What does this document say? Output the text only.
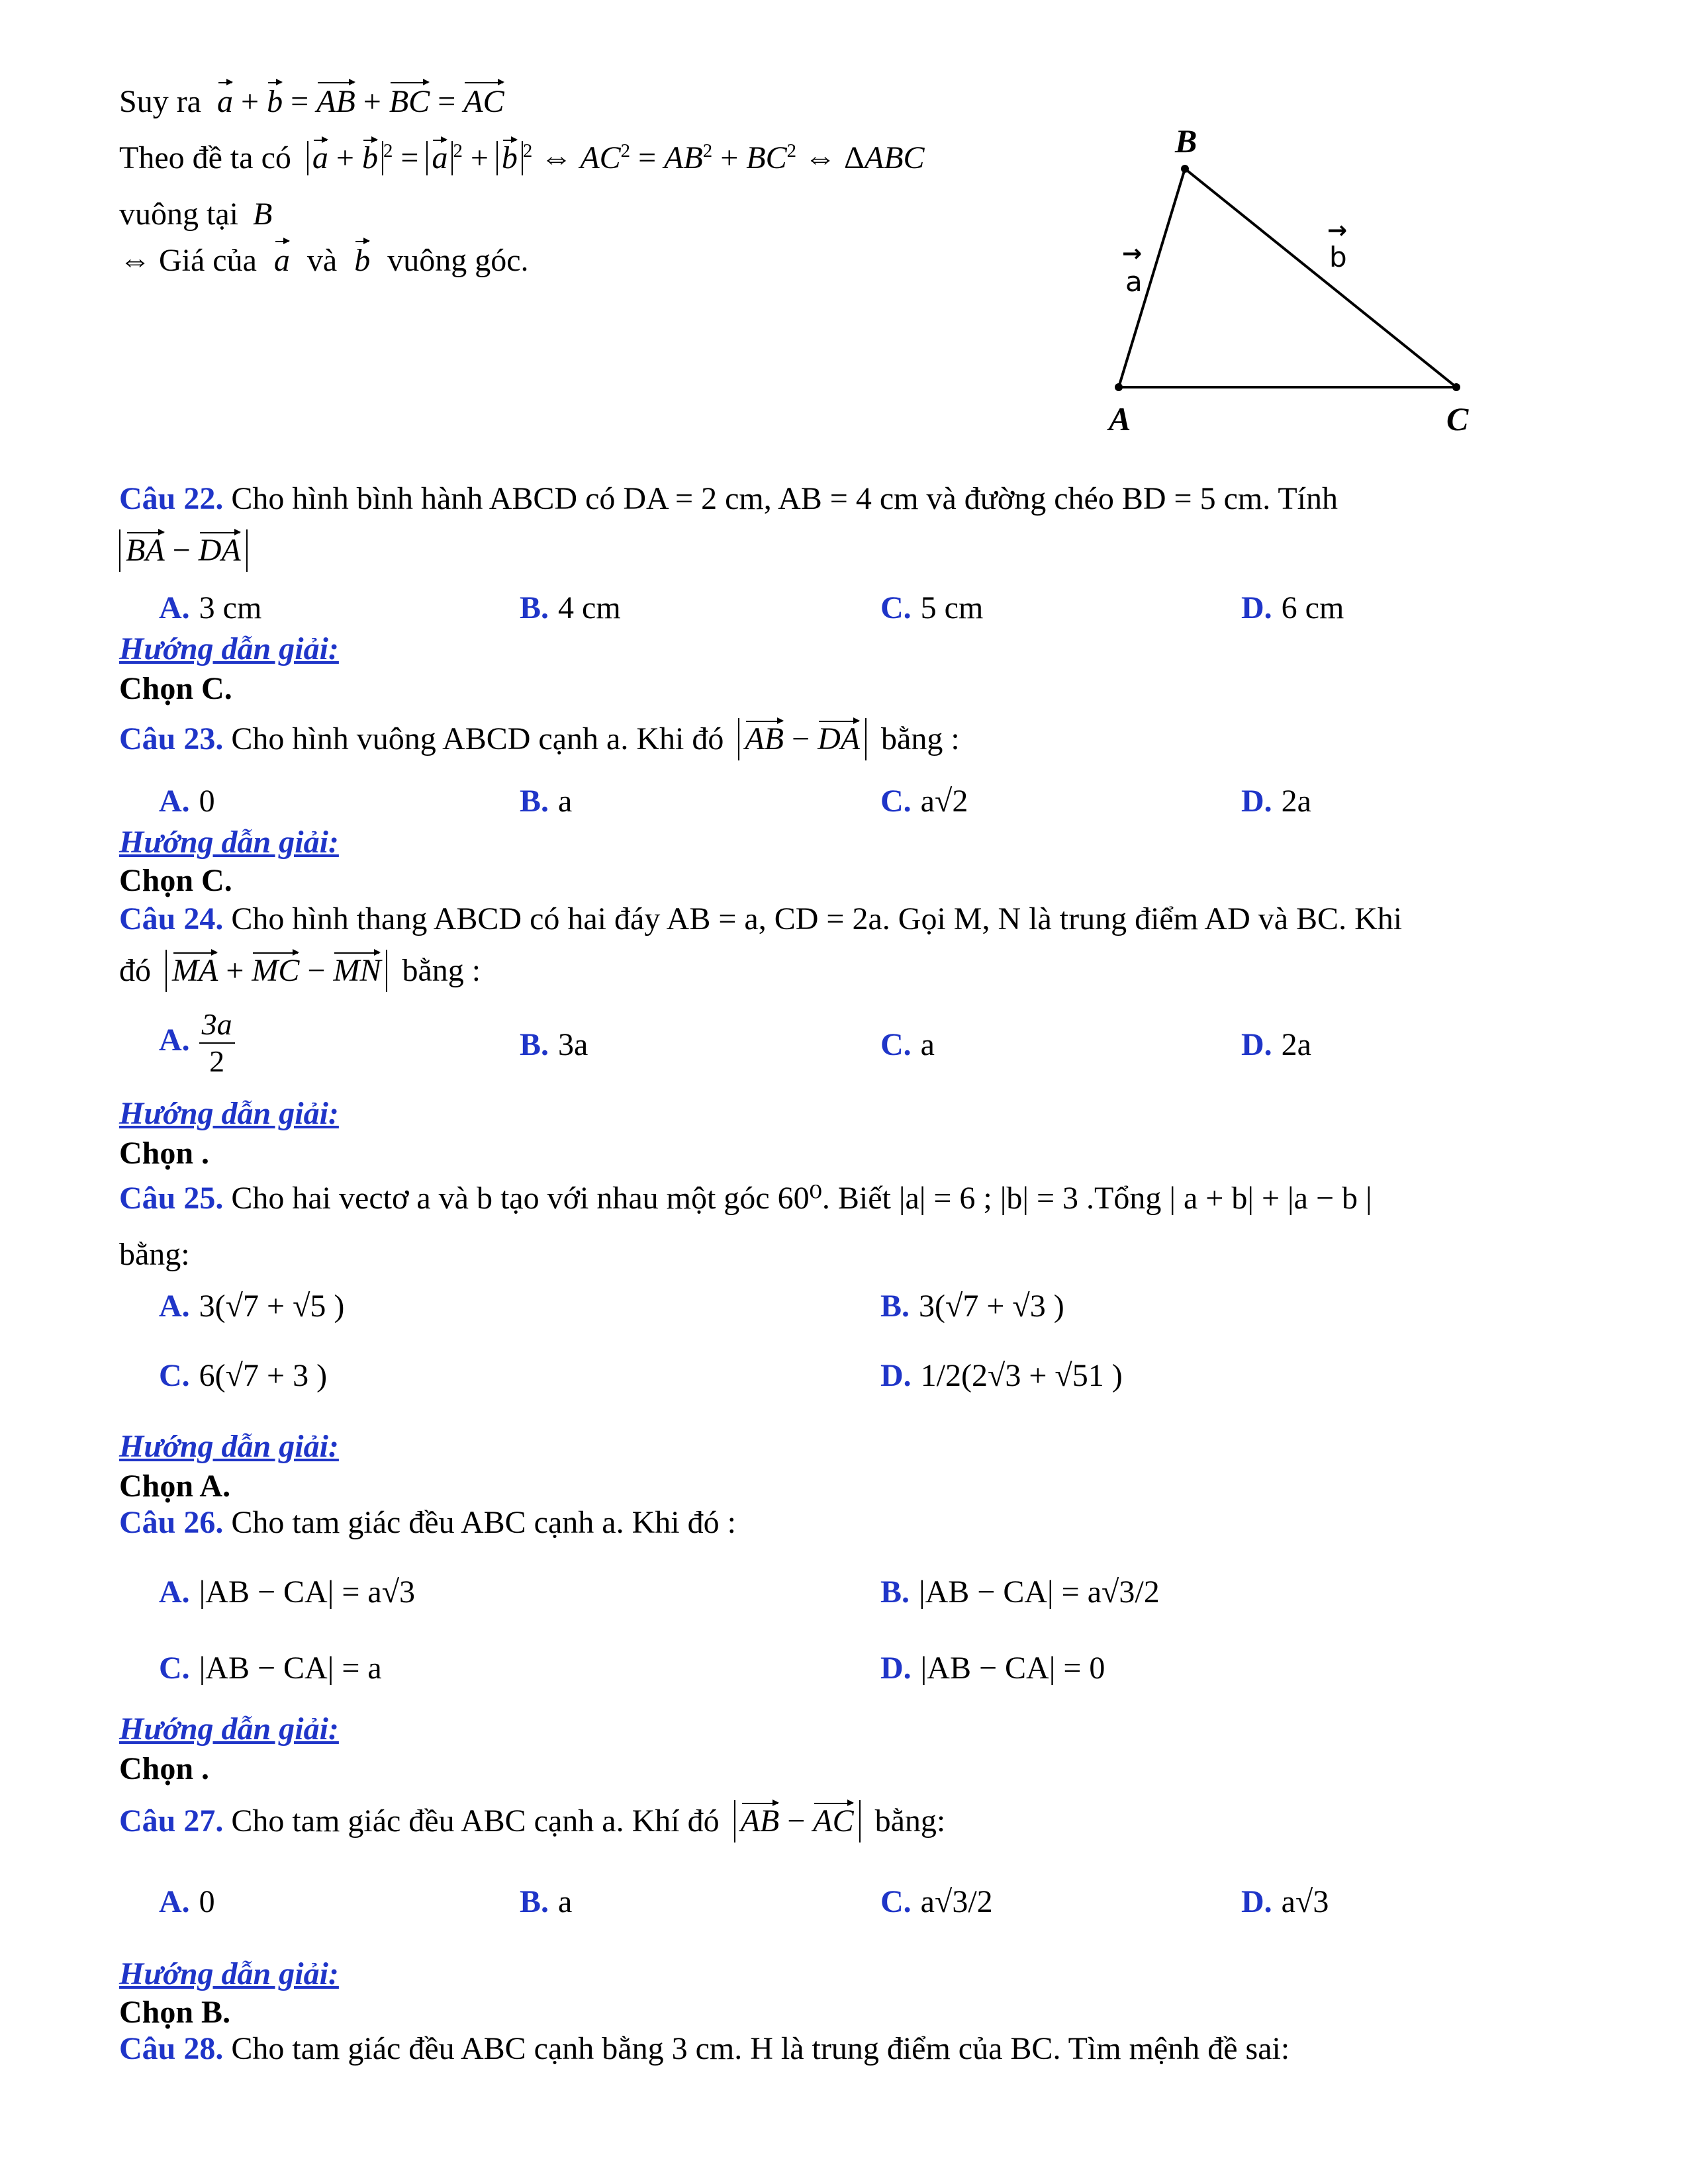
Suy ra a + b = AB + BC = AC
Theo đề ta có a + b $^2$ = a $^2$ + b $^2$ ⇔ $AC^2 = AB^2 + BC^2$ ⇔ ΔABC
vuông tại B
⇔ Giá của a và b vuông góc.
B
A	C
→
a
→
b
Câu 22. Cho hình bình hành ABCD có DA = 2 cm, AB = 4 cm và đường chéo BD = 5 cm. Tính
BA − DA
A. 3 cm	B. 4 cm	C. 5 cm	D. 6 cm
Hướng dẫn giải:
Chọn C.
Câu 23. Cho hình vuông ABCD cạnh a. Khi đó AB − DA bằng :
A. 0	B. a	C. a√2	D. 2a
Hướng dẫn giải:
Chọn C.
Câu 24. Cho hình thang ABCD có hai đáy AB = a, CD = 2a. Gọi M, N là trung điểm AD và BC. Khi
đó MA + MC − MN bằng :
A. $\frac{3a}{2}$	B. 3a	C. a	D. 2a
Hướng dẫn giải:
Chọn .
Câu 25. Cho hai vectơ a và b tạo với nhau một góc 60⁰. Biết |a| = 6 ; |b| = 3 .Tổng | a + b| + |a − b |
bằng:
A. 3(√7 + √5 )	B. 3(√7 + √3 )
C. 6(√7 + 3 )	D. 1/2(2√3 + √51 )
Hướng dẫn giải:
Chọn A.
Câu 26. Cho tam giác đều ABC cạnh a. Khi đó :
A. |AB − CA| = a√3	B. |AB − CA| = a√3/2
C. |AB − CA| = a	D. |AB − CA| = 0
Hướng dẫn giải:
Chọn .
Câu 27. Cho tam giác đều ABC cạnh a. Khí đó AB − AC bằng:
A. 0	B. a	C. a√3/2	D. a√3
Hướng dẫn giải:
Chọn B.
Câu 28. Cho tam giác đều ABC cạnh bằng 3 cm. H là trung điểm của BC. Tìm mệnh đề sai:
